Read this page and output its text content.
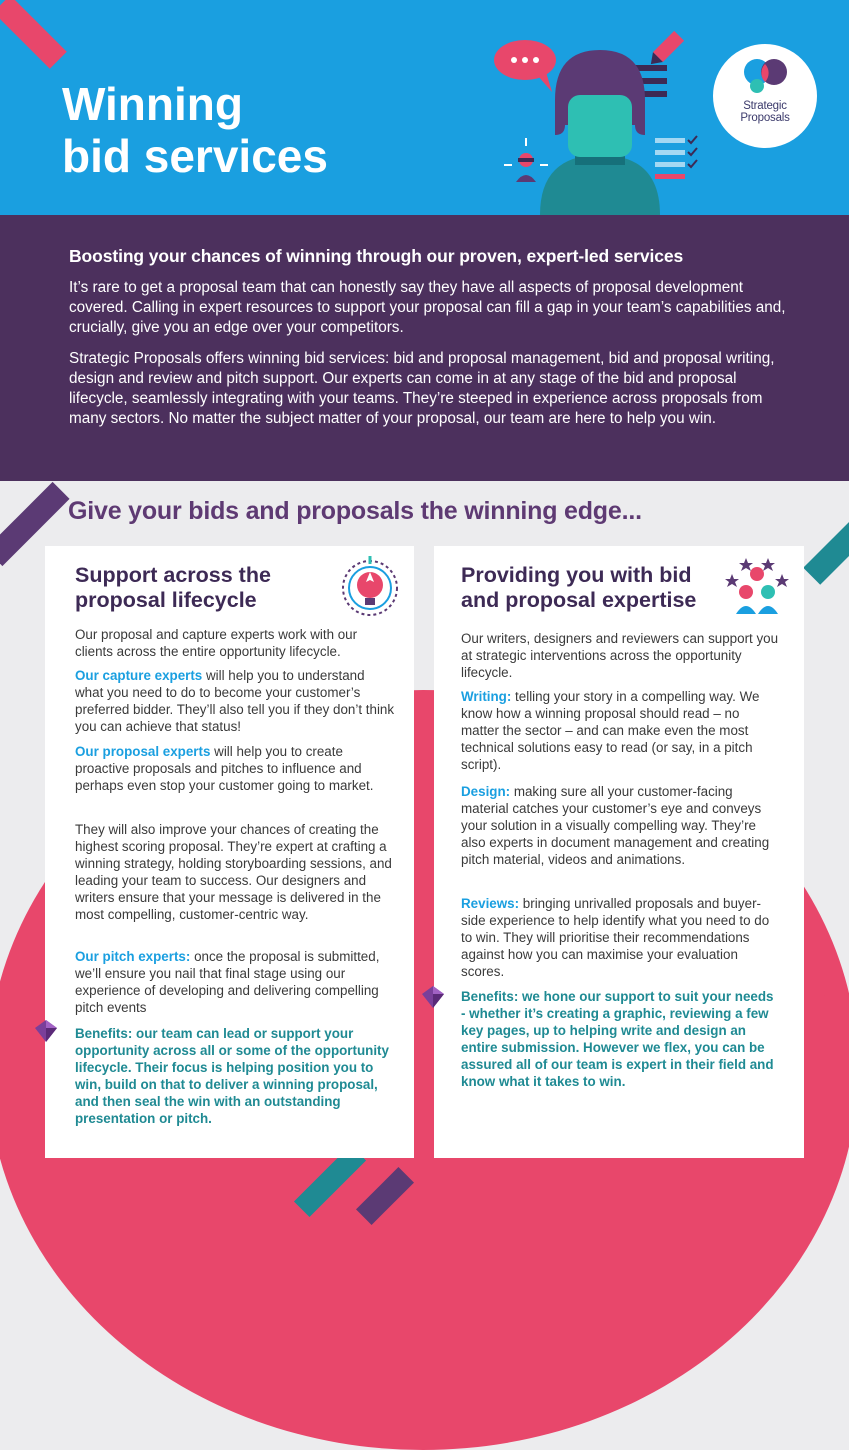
Winning
bid services
Strategic
Proposals
Boosting your chances of winning through our proven, expert-led services

It’s rare to get a proposal team that can honestly say they have all aspects of proposal development covered. Calling in expert resources to support your proposal can fill a gap in your team’s capabilities and, crucially, give you an edge over your competitors.

Strategic Proposals offers winning bid services: bid and proposal management, bid and proposal writing, design and review and pitch support. Our experts can come in at any stage of the bid and proposal lifecycle, seamlessly integrating with your teams. They’re steeped in experience across proposals from many sectors. No matter the subject matter of your proposal, our team are here to help you win.

Give your bids and proposals the winning edge...
Support across the
proposal lifecycle

Our proposal and capture experts work with our clients across the entire opportunity lifecycle.

Our capture experts will help you to understand what you need to do to become your customer’s preferred bidder. They’ll also tell you if they don’t think you can achieve that status!

Our proposal experts will help you to create proactive proposals and pitches to influence and perhaps even stop your customer going to market.

They will also improve your chances of creating the highest scoring proposal. They’re expert at crafting a winning strategy, holding storyboarding sessions, and leading your team to success. Our designers and writers ensure that your message is delivered in the most compelling, customer-centric way.

Our pitch experts: once the proposal is submitted, we’ll ensure you nail that final stage using our experience of developing and delivering compelling pitch events

Benefits: our team can lead or support your opportunity across all or some of the opportunity lifecycle. Their focus is helping position you to win, build on that to deliver a winning proposal, and then seal the win with an outstanding presentation or pitch.

Providing you with bid
and proposal expertise

Our writers, designers and reviewers can support you at strategic interventions across the opportunity lifecycle.

Writing: telling your story in a compelling way. We know how a winning proposal should read – no matter the sector – and can make even the most technical solutions easy to read (or say, in a pitch script).

Design: making sure all your customer-facing material catches your customer’s eye and conveys your solution in a visually compelling way. They’re also experts in document management and creating pitch material, videos and animations.

Reviews: bringing unrivalled proposals and buyer-side experience to help identify what you need to do to win. They will prioritise their recommendations against how you can maximise your evaluation scores.

Benefits: we hone our support to suit your needs - whether it’s creating a graphic, reviewing a few key pages, up to helping write and design an entire submission. However we flex, you can be assured all of our team is expert in their field and know what it takes to win.
